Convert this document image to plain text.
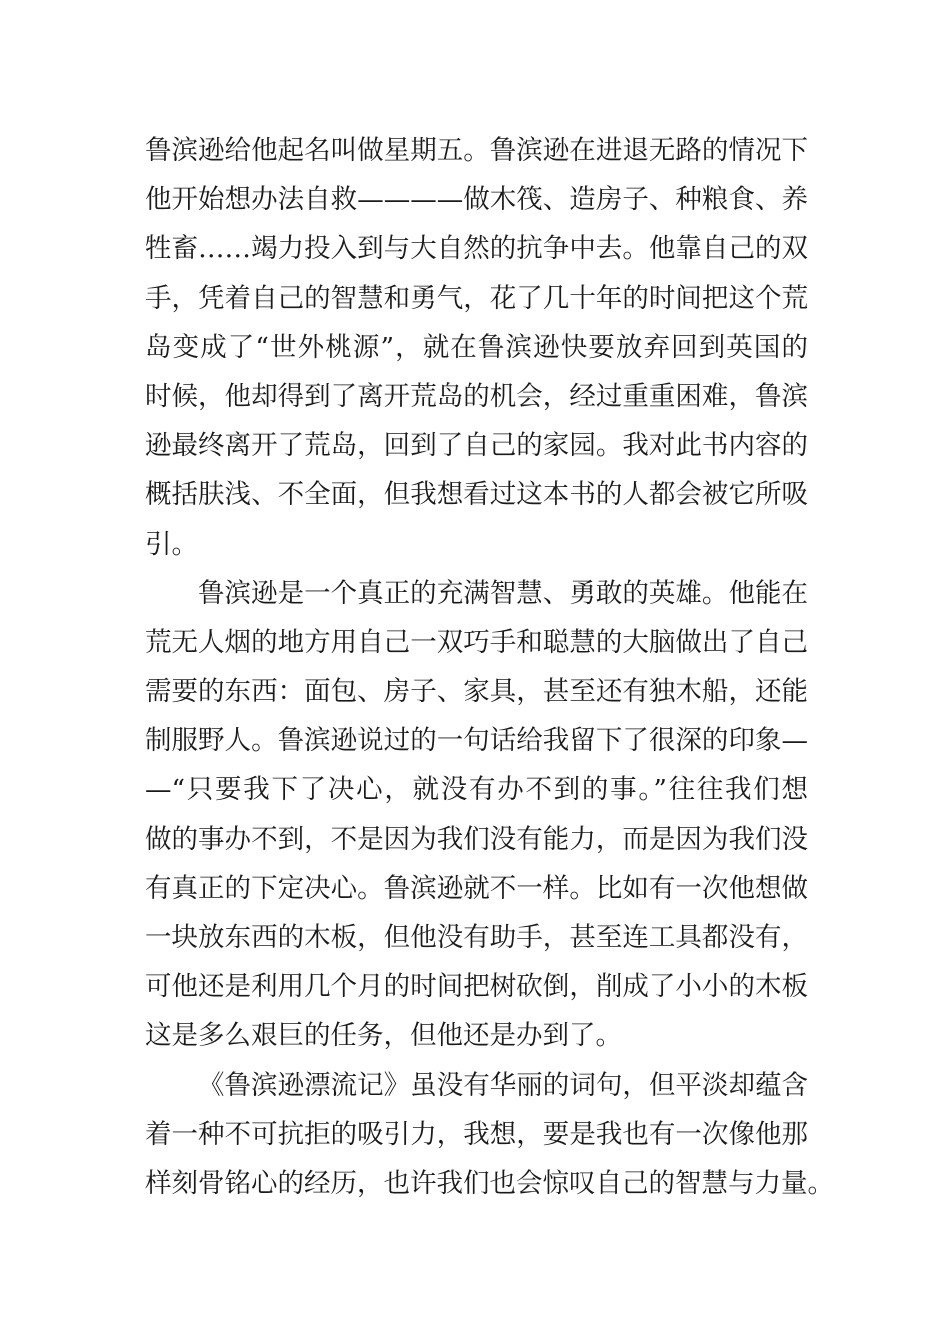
鲁滨逊给他起名叫做星期五。鲁滨逊在进退无路的情况下
他开始想办法自救————做木筏、造房子、种粮食、养
牲畜……竭力投入到与大自然的抗争中去。他靠自己的双
手，凭着自己的智慧和勇气，花了几十年的时间把这个荒
岛变成了“世外桃源”，就在鲁滨逊快要放弃回到英国的
时候，他却得到了离开荒岛的机会，经过重重困难，鲁滨
逊最终离开了荒岛，回到了自己的家园。我对此书内容的
概括肤浅、不全面，但我想看过这本书的人都会被它所吸
引。
鲁滨逊是一个真正的充满智慧、勇敢的英雄。他能在
荒无人烟的地方用自己一双巧手和聪慧的大脑做出了自己
需要的东西：面包、房子、家具，甚至还有独木船，还能
制服野人。鲁滨逊说过的一句话给我留下了很深的印象—
—“只要我下了决心，就没有办不到的事。”往往我们想
做的事办不到，不是因为我们没有能力，而是因为我们没
有真正的下定决心。鲁滨逊就不一样。比如有一次他想做
一块放东西的木板，但他没有助手，甚至连工具都没有，
可他还是利用几个月的时间把树砍倒，削成了小小的木板
这是多么艰巨的任务，但他还是办到了。
《鲁滨逊漂流记》虽没有华丽的词句，但平淡却蕴含
着一种不可抗拒的吸引力，我想，要是我也有一次像他那
样刻骨铭心的经历，也许我们也会惊叹自己的智慧与力量。
